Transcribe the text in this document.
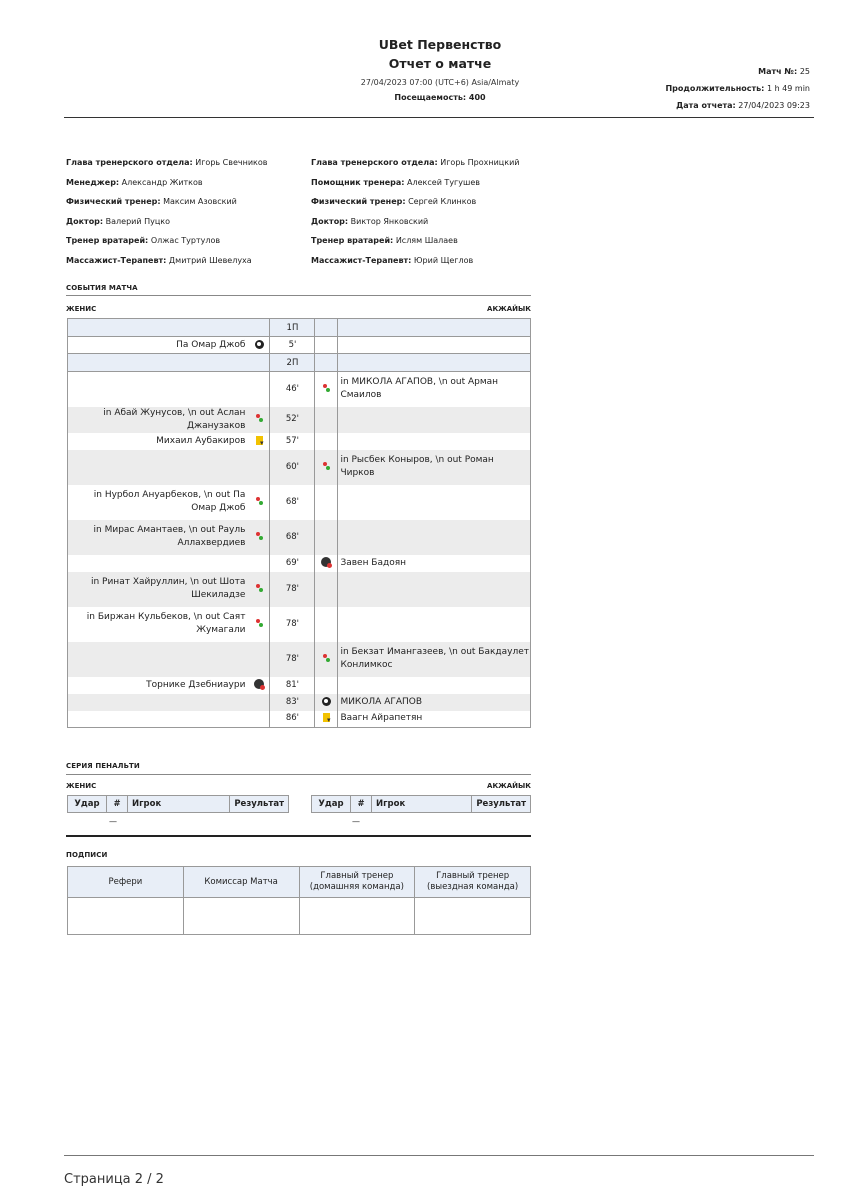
UBet Первенство
Отчет о матче
27/04/2023 07:00 (UTC+6) Asia/Almaty
Посещаемость: 400
Матч №: 25
Продолжительность: 1 h 49 min
Дата отчета: 27/04/2023 09:23
Глава тренерского отдела: Игорь Свечников
Менеджер: Александр Житков
Физический тренер: Максим Азовский
Доктор: Валерий Пуцко
Тренер вратарей: Олжас Туртулов
Массажист-Терапевт: Дмитрий Шевелуха
Глава тренерского отдела: Игорь Прохницкий
Помощник тренера: Алексей Тугушев
Физический тренер: Сергей Клинков
Доктор: Виктор Янковский
Тренер вратарей: Ислям Шалаев
Массажист-Терапевт: Юрий Щеглов
СОБЫТИЯ МАТЧА
ЖЕНИС	АКЖАЙЫК
		1П		
Па Омар Джоб		5'		
		2П		
		46'		in МИКОЛА АГАПОВ, \n out Арман Смаилов
in Абай Жунусов, \n out Аслан Джанузаков		52'		
Михаил Аубакиров	▾	57'		
		60'		in Рысбек Коныров, \n out Роман Чирков
in Нурбол Ануарбеков, \n out Па Омар Джоб		68'		
in Мирас Амантаев, \n out Рауль Аллахвердиев		68'		
		69'		Завен Бадоян
in Ринат Хайруллин, \n out Шота Шекиладзе		78'		
in Биржан Кульбеков, \n out Саят Жумагали		78'		
		78'		in Бекзат Имангазеев, \n out Бакдаулет Конлимкос
Торнике Дзебниаури		81'		
		83'		МИКОЛА АГАПОВ
		86'	▾	Ваагн Айрапетян
СЕРИЯ ПЕНАЛЬТИ
ЖЕНИС	АКЖАЙЫК
Удар	#	Игрок	Результат	Удар	#	Игрок	Результат
—	—
ПОДПИСИ
Рефери	Комиссар Матча	Главный тренер (домашняя команда)	Главный тренер (выездная команда)

Страница 2 / 2
